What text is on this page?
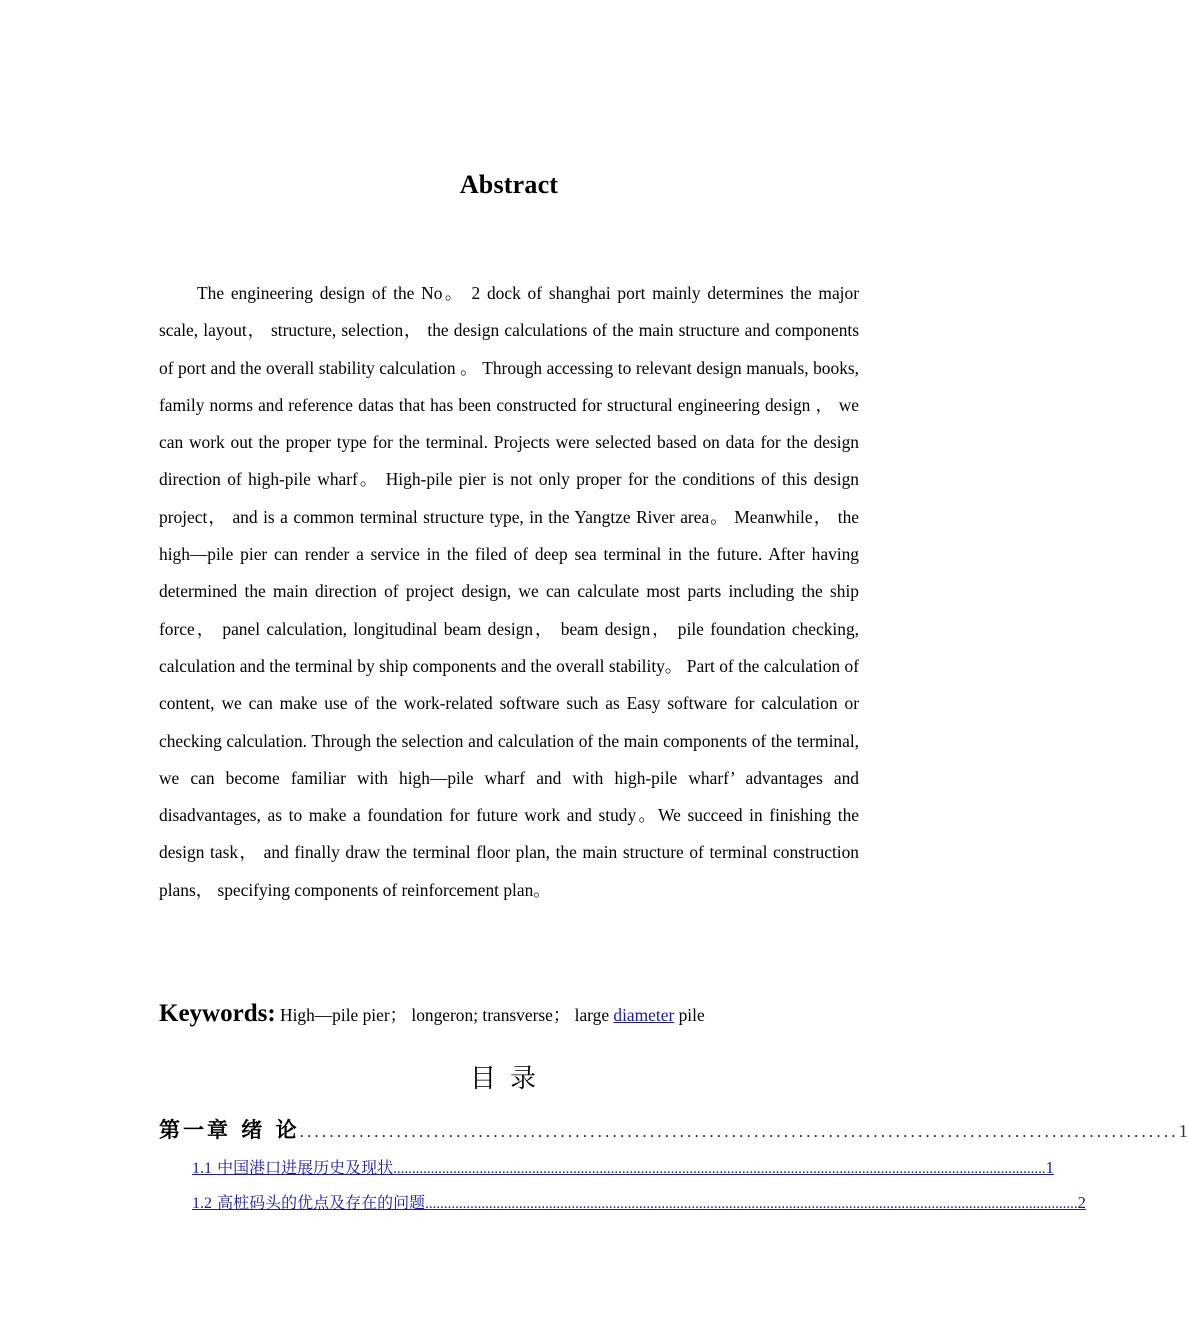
Abstract

The engineering design of the No。 2 dock of shanghai port mainly determines the major scale, layout， structure, selection， the design calculations of the main structure and components of port and the overall stability calculation 。 Through accessing to relevant design manuals, books, family norms and reference datas that has been constructed for structural engineering design ， we can work out the proper type for the terminal. Projects were selected based on data for the design direction of high-pile wharf。 High-pile pier is not only proper for the conditions of this design project， and is a common terminal structure type, in the Yangtze River area。 Meanwhile， the high—pile pier can render a service in the filed of deep sea terminal in the future. After having determined the main direction of project design, we can calculate most parts including the ship force， panel calculation, longitudinal beam design， beam design， pile foundation checking, calculation and the terminal by ship components and the overall stability。 Part of the calculation of content, we can make use of the work-related software such as Easy software for calculation or checking calculation. Through the selection and calculation of the main components of the terminal, we can become familiar with high—pile wharf and with high-pile wharf’ advantages and disadvantages, as to make a foundation for future work and study。We succeed in finishing the design task， and finally draw the terminal floor plan, the main structure of terminal construction plans， specifying components of reinforcement plan。

Keywords: High—pile pier； longeron; transverse； large diameter pile
目录
第一章 绪 论 ...................................................................................................................... 1
1.1 中国港口进展历史及现状 .............................................................................................................................................................................. 1
1.2 高桩码头的优点及存在的问题 .............................................................................................................................................................................. 2
